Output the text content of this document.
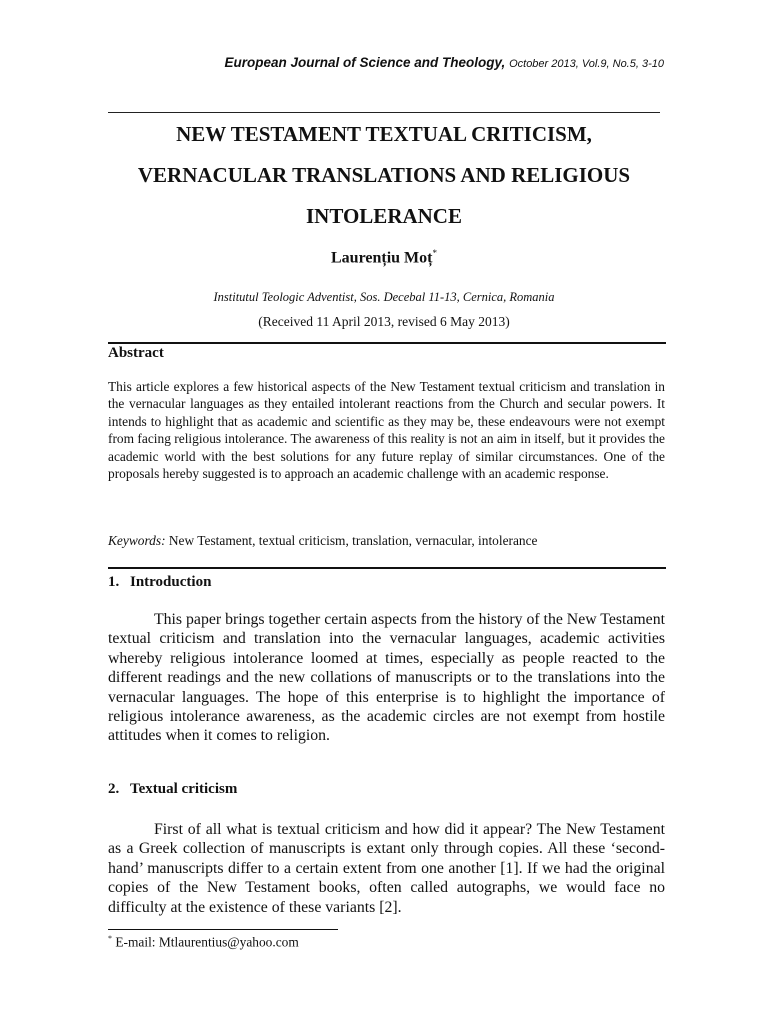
European Journal of Science and Theology, October 2013, Vol.9, No.5, 3-10
NEW TESTAMENT TEXTUAL CRITICISM,
VERNACULAR TRANSLATIONS AND RELIGIOUS
INTOLERANCE
Laurențiu Moț*
Institutul Teologic Adventist, Sos. Decebal 11-13, Cernica, Romania
(Received 11 April 2013, revised 6 May 2013)
Abstract
This article explores a few historical aspects of the New Testament textual criticism and translation in the vernacular languages as they entailed intolerant reactions from the Church and secular powers. It intends to highlight that as academic and scientific as they may be, these endeavours were not exempt from facing religious intolerance. The awareness of this reality is not an aim in itself, but it provides the academic world with the best solutions for any future replay of similar circumstances. One of the proposals hereby suggested is to approach an academic challenge with an academic response.
Keywords: New Testament, textual criticism, translation, vernacular, intolerance
1. Introduction
This paper brings together certain aspects from the history of the New Testament textual criticism and translation into the vernacular languages, academic activities whereby religious intolerance loomed at times, especially as people reacted to the different readings and the new collations of manuscripts or to the translations into the vernacular languages. The hope of this enterprise is to highlight the importance of religious intolerance awareness, as the academic circles are not exempt from hostile attitudes when it comes to religion.
2. Textual criticism
First of all what is textual criticism and how did it appear? The New Testament as a Greek collection of manuscripts is extant only through copies. All these ‘second-hand’ manuscripts differ to a certain extent from one another [1]. If we had the original copies of the New Testament books, often called autographs, we would face no difficulty at the existence of these variants [2].
* E-mail: Mtlaurentius@yahoo.com
